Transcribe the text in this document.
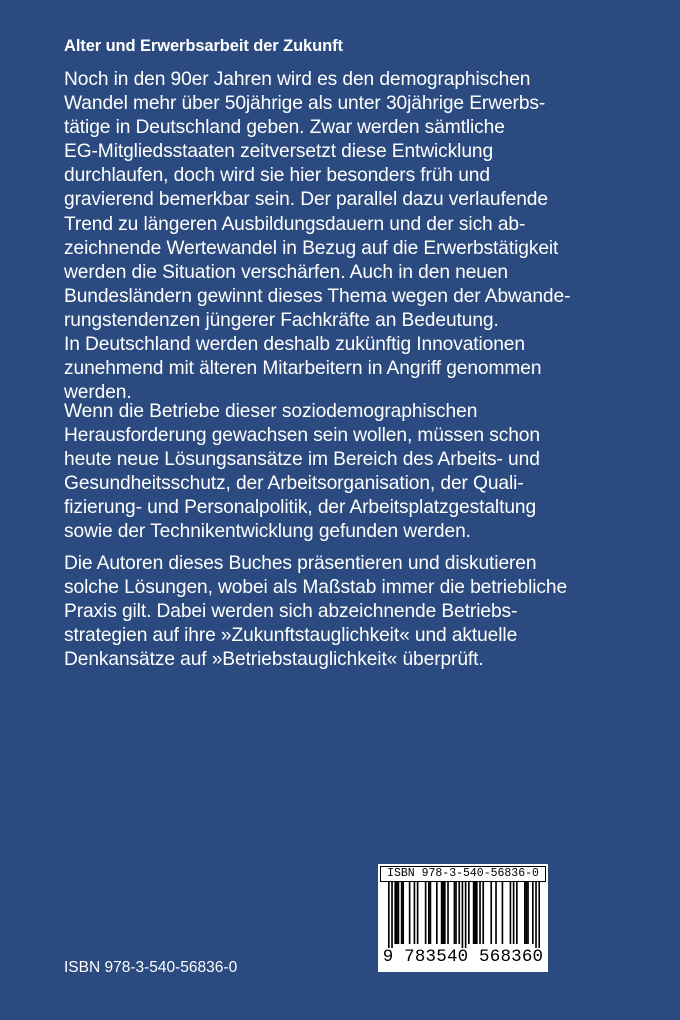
Alter und Erwerbsarbeit der Zukunft
Noch in den 90er Jahren wird es den demographischen
Wandel mehr über 50jährige als unter 30jährige Erwerbs-
tätige in Deutschland geben. Zwar werden sämtliche
EG-Mitgliedsstaaten zeitversetzt diese Entwicklung
durchlaufen, doch wird sie hier besonders früh und
gravierend bemerkbar sein. Der parallel dazu verlaufende
Trend zu längeren Ausbildungsdauern und der sich ab-
zeichnende Wertewandel in Bezug auf die Erwerbstätigkeit
werden die Situation verschärfen. Auch in den neuen
Bundesländern gewinnt dieses Thema wegen der Abwande-
rungstendenzen jüngerer Fachkräfte an Bedeutung.
In Deutschland werden deshalb zukünftig Innovationen
zunehmend mit älteren Mitarbeitern in Angriff genommen
werden.
Wenn die Betriebe dieser soziodemographischen
Herausforderung gewachsen sein wollen, müssen schon
heute neue Lösungsansätze im Bereich des Arbeits- und
Gesundheitsschutz, der Arbeitsorganisation, der Quali-
fizierung- und Personalpolitik, der Arbeitsplatzgestaltung
sowie der Technikentwicklung gefunden werden.
Die Autoren dieses Buches präsentieren und diskutieren
solche Lösungen, wobei als Maßstab immer die betriebliche
Praxis gilt. Dabei werden sich abzeichnende Betriebs-
strategien auf ihre »Zukunftstauglichkeit« und aktuelle
Denkansätze auf »Betriebstauglichkeit« überprüft.
ISBN 978-3-540-56836-0
9 783540 568360
ISBN 978-3-540-56836-0
